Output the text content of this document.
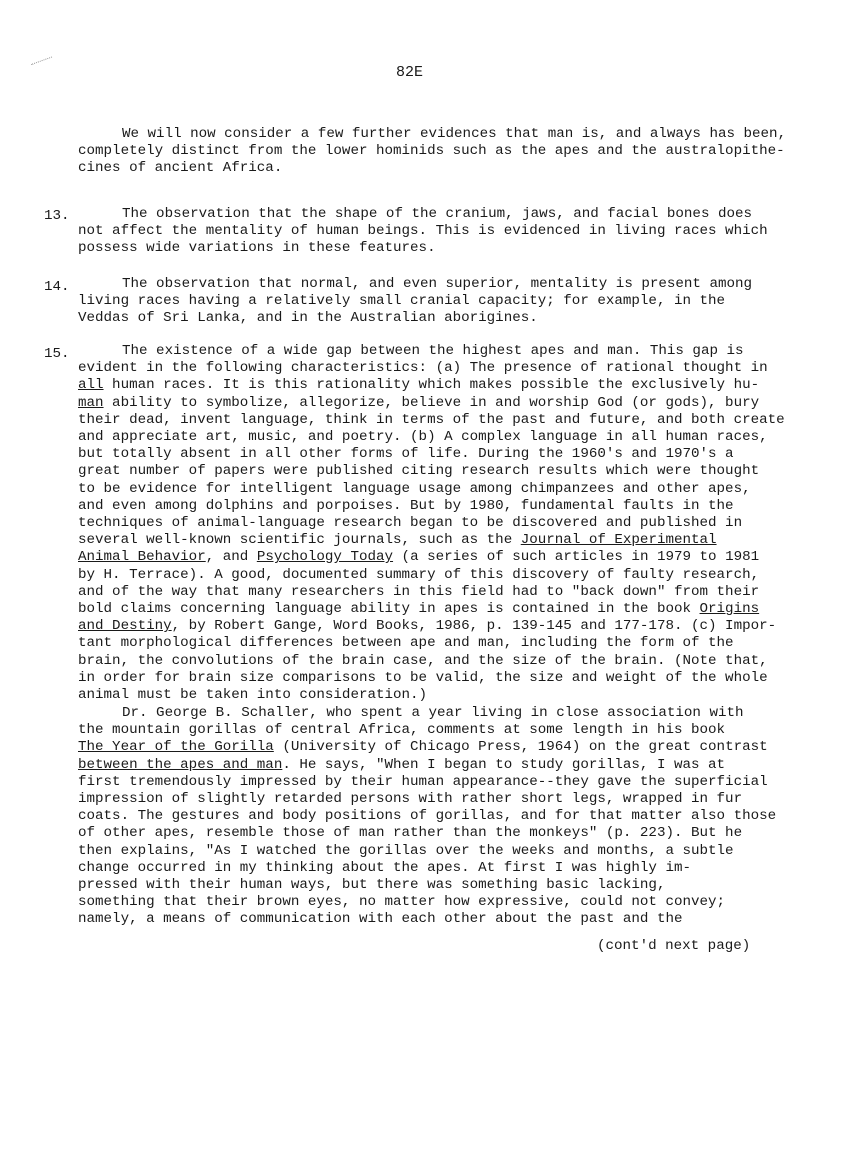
82E
We will now consider a few further evidences that man is, and always has been,
completely distinct from the lower hominids such as the apes and the australopithe-
cines of ancient Africa.
13.	The observation that the shape of the cranium, jaws, and facial bones does
not affect the mentality of human beings. This is evidenced in living races which
possess wide variations in these features.
14.	The observation that normal, and even superior, mentality is present among
living races having a relatively small cranial capacity; for example, in the
Veddas of Sri Lanka, and in the Australian aborigines.
15.	The existence of a wide gap between the highest apes and man. This gap is
evident in the following characteristics: (a) The presence of rational thought in
all human races. It is this rationality which makes possible the exclusively hu-
man ability to symbolize, allegorize, believe in and worship God (or gods), bury
their dead, invent language, think in terms of the past and future, and both create
and appreciate art, music, and poetry. (b) A complex language in all human races,
but totally absent in all other forms of life. During the 1960's and 1970's a
great number of papers were published citing research results which were thought
to be evidence for intelligent language usage among chimpanzees and other apes,
and even among dolphins and porpoises. But by 1980, fundamental faults in the
techniques of animal-language research began to be discovered and published in
several well-known scientific journals, such as the Journal of Experimental
Animal Behavior, and Psychology Today (a series of such articles in 1979 to 1981
by H. Terrace). A good, documented summary of this discovery of faulty research,
and of the way that many researchers in this field had to "back down" from their
bold claims concerning language ability in apes is contained in the book Origins
and Destiny, by Robert Gange, Word Books, 1986, p. 139-145 and 177-178. (c) Impor-
tant morphological differences between ape and man, including the form of the
brain, the convolutions of the brain case, and the size of the brain. (Note that,
in order for brain size comparisons to be valid, the size and weight of the whole
animal must be taken into consideration.)
Dr. George B. Schaller, who spent a year living in close association with
the mountain gorillas of central Africa, comments at some length in his book
The Year of the Gorilla (University of Chicago Press, 1964) on the great contrast
between the apes and man. He says, "When I began to study gorillas, I was at
first tremendously impressed by their human appearance--they gave the superficial
impression of slightly retarded persons with rather short legs, wrapped in fur
coats. The gestures and body positions of gorillas, and for that matter also those
of other apes, resemble those of man rather than the monkeys" (p. 223). But he
then explains, "As I watched the gorillas over the weeks and months, a subtle
change occurred in my thinking about the apes. At first I was highly im-
pressed with their human ways, but there was something basic lacking,
something that their brown eyes, no matter how expressive, could not convey;
namely, a means of communication with each other about the past and the
(cont'd next page)
